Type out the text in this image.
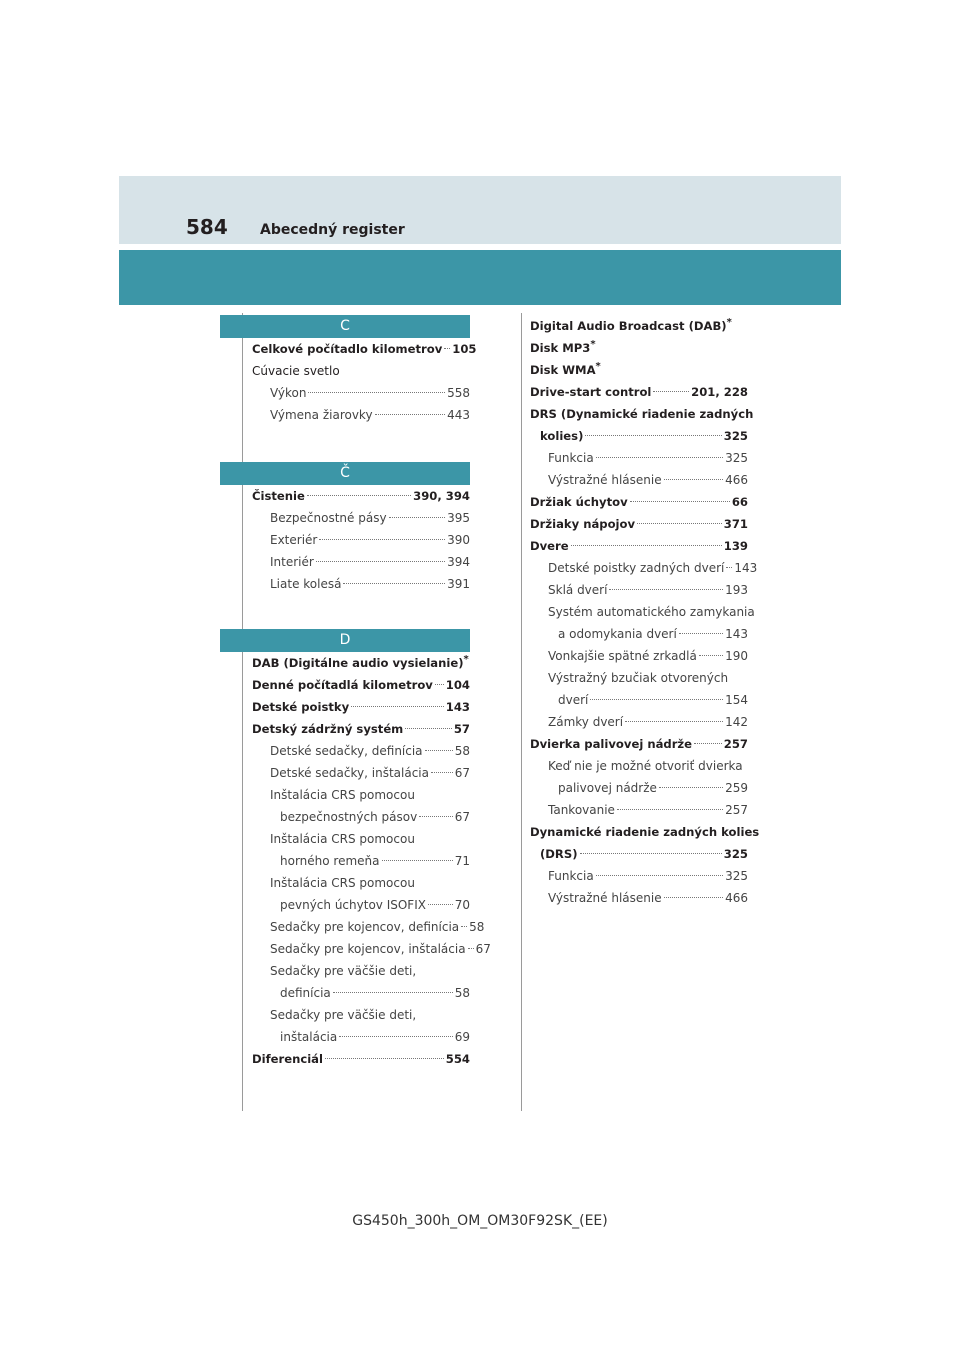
584 Abecedný register
C
Celkové počítadlo kilometrov 105
Cúvacie svetlo
Výkon	558
Výmena žiarovky	443
Č
Čistenie	390, 394
Bezpečnostné pásy	395
Exteriér	390
Interiér	394
Liate kolesá	391
D
DAB (Digitálne audio vysielanie)*
Denné počítadlá kilometrov 104
Detské poistky	143
Detský zádržný systém	57
Detské sedačky, definícia	58
Detské sedačky, inštalácia 67
Inštalácia CRS pomocou
bezpečnostných pásov	67
Inštalácia CRS pomocou
horného remeňa	71
Inštalácia CRS pomocou
pevných úchytov ISOFIX 70
Sedačky pre kojencov, definícia 58
Sedačky pre kojencov, inštalácia 67
Sedačky pre väčšie deti,
definícia	58
Sedačky pre väčšie deti,
inštalácia	69
Diferenciál	554
Digital Audio Broadcast (DAB)*
Disk MP3*
Disk WMA*
Drive-start control	201, 228
DRS (Dynamické riadenie zadných
kolies)	325
Funkcia	325
Výstražné hlásenie	466
Držiak úchytov	66
Držiaky nápojov	371
Dvere	139
Detské poistky zadných dverí 143
Sklá dverí	193
Systém automatického zamykania
a odomykania dverí	143
Vonkajšie spätné zrkadlá 190
Výstražný bzučiak otvorených
dverí	154
Zámky dverí	142
Dvierka palivovej nádrže	257
Keď nie je možné otvoriť dvierka
palivovej nádrže	259
Tankovanie	257
Dynamické riadenie zadných kolies
(DRS)	325
Funkcia	325
Výstražné hlásenie	466
GS450h_300h_OM_OM30F92SK_(EE)
